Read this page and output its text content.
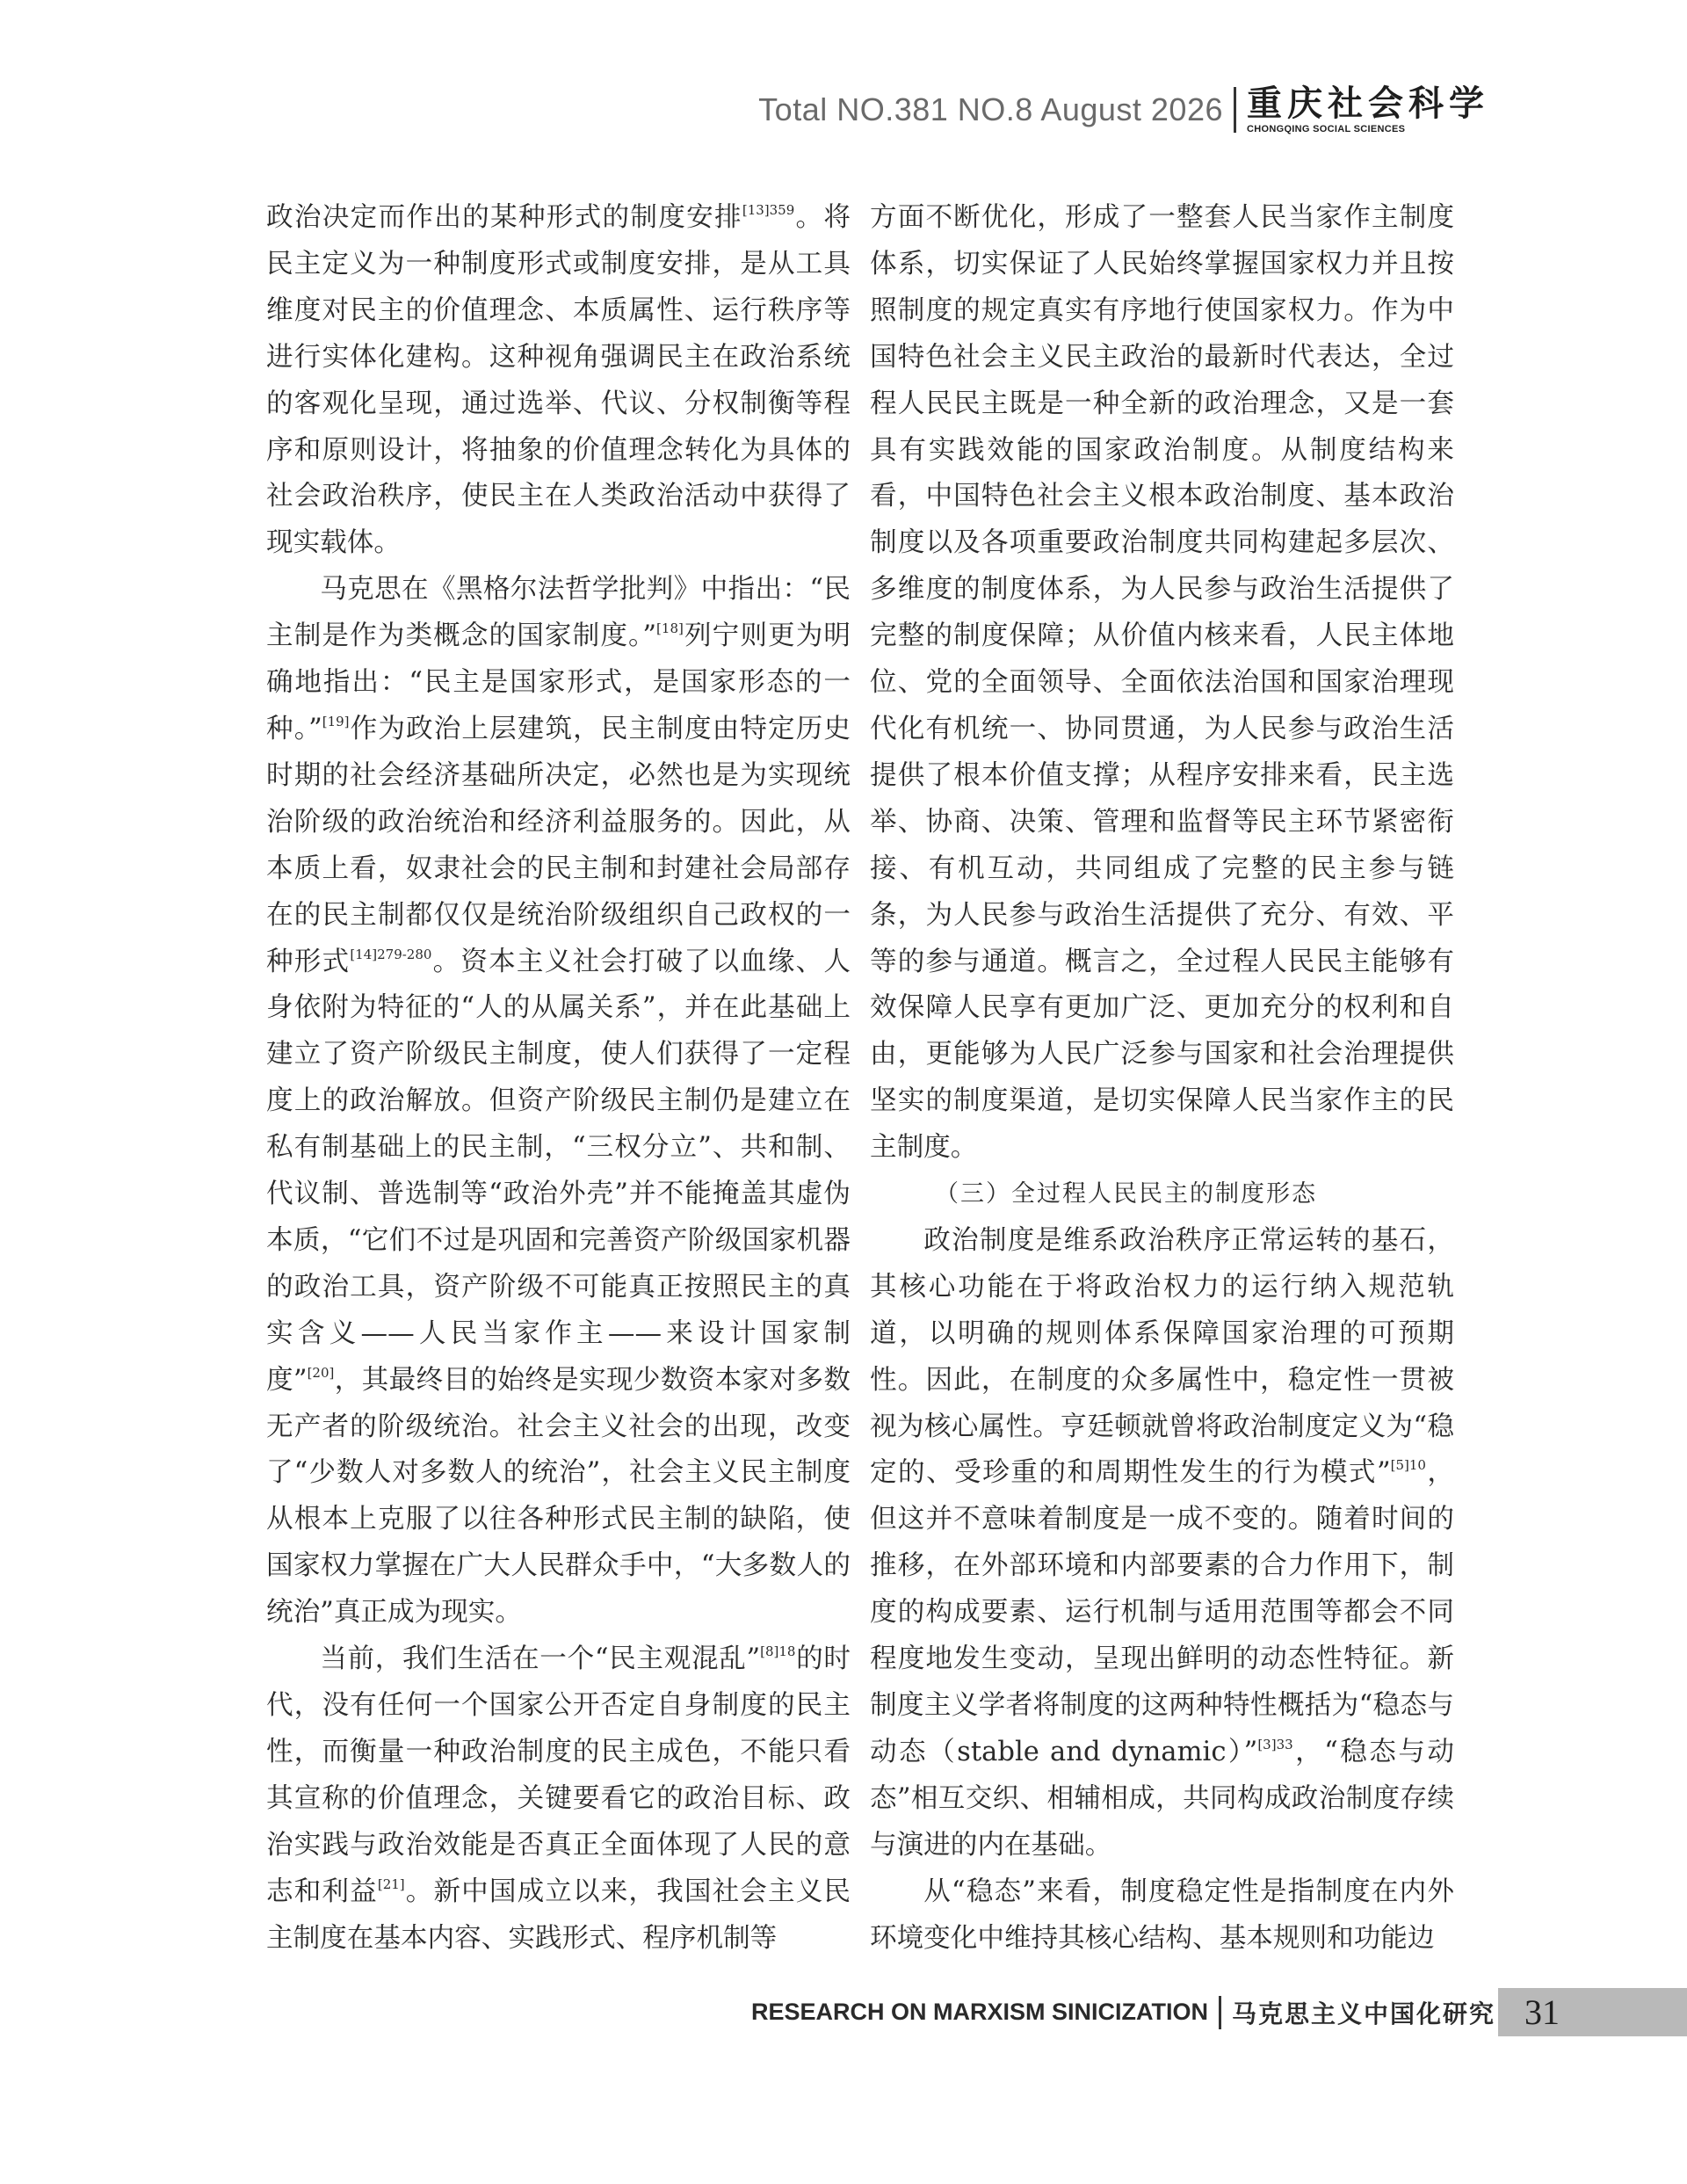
Total NO.381 NO.8 August 2026 重庆社会科学
CHONGQING SOCIAL SCIENCES

政治决定而作出的某种形式的制度安排$^{[13]359}$。将民主定义为一种制度形式或制度安排，是从工具维度对民主的价值理念、本质属性、运行秩序等进行实体化建构。这种视角强调民主在政治系统的客观化呈现，通过选举、代议、分权制衡等程序和原则设计，将抽象的价值理念转化为具体的社会政治秩序，使民主在人类政治活动中获得了现实载体。

马克思在《黑格尔法哲学批判》中指出：“民主制是作为类概念的国家制度。”[18]列宁则更为明确地指出：“民主是国家形式，是国家形态的一种。”[19]作为政治上层建筑，民主制度由特定历史时期的社会经济基础所决定，必然也是为实现统治阶级的政治统治和经济利益服务的。因此，从本质上看，奴隶社会的民主制和封建社会局部存在的民主制都仅仅是统治阶级组织自己政权的一种形式$^{[14]279-280}$。资本主义社会打破了以血缘、人身依附为特征的“人的从属关系”，并在此基础上建立了资产阶级民主制度，使人们获得了一定程度上的政治解放。但资产阶级民主制仍是建立在私有制基础上的民主制，“三权分立”、共和制、代议制、普选制等“政治外壳”并不能掩盖其虚伪本质，“它们不过是巩固和完善资产阶级国家机器的政治工具，资产阶级不可能真正按照民主的真实含义——人民当家作主——来设计国家制度”[20]，其最终目的始终是实现少数资本家对多数无产者的阶级统治。社会主义社会的出现，改变了“少数人对多数人的统治”，社会主义民主制度从根本上克服了以往各种形式民主制的缺陷，使国家权力掌握在广大人民群众手中，“大多数人的统治”真正成为现实。

当前，我们生活在一个“民主观混乱”$^{[8]18}$的时代，没有任何一个国家公开否定自身制度的民主性，而衡量一种政治制度的民主成色，不能只看其宣称的价值理念，关键要看它的政治目标、政治实践与政治效能是否真正全面体现了人民的意志和利益[21]。新中国成立以来，我国社会主义民主制度在基本内容、实践形式、程序机制等

方面不断优化，形成了一整套人民当家作主制度体系，切实保证了人民始终掌握国家权力并且按照制度的规定真实有序地行使国家权力。作为中国特色社会主义民主政治的最新时代表达，全过程人民民主既是一种全新的政治理念，又是一套具有实践效能的国家政治制度。从制度结构来看，中国特色社会主义根本政治制度、基本政治制度以及各项重要政治制度共同构建起多层次、多维度的制度体系，为人民参与政治生活提供了完整的制度保障；从价值内核来看，人民主体地位、党的全面领导、全面依法治国和国家治理现代化有机统一、协同贯通，为人民参与政治生活提供了根本价值支撑；从程序安排来看，民主选举、协商、决策、管理和监督等民主环节紧密衔接、有机互动，共同组成了完整的民主参与链条，为人民参与政治生活提供了充分、有效、平等的参与通道。概言之，全过程人民民主能够有效保障人民享有更加广泛、更加充分的权利和自由，更能够为人民广泛参与国家和社会治理提供坚实的制度渠道，是切实保障人民当家作主的民主制度。

（三）全过程人民民主的制度形态

政治制度是维系政治秩序正常运转的基石，其核心功能在于将政治权力的运行纳入规范轨道，以明确的规则体系保障国家治理的可预期性。因此，在制度的众多属性中，稳定性一贯被视为核心属性。亨廷顿就曾将政治制度定义为“稳定的、受珍重的和周期性发生的行为模式”$^{[5]10}$，但这并不意味着制度是一成不变的。随着时间的推移，在外部环境和内部要素的合力作用下，制度的构成要素、运行机制与适用范围等都会不同程度地发生变动，呈现出鲜明的动态性特征。新制度主义学者将制度的这两种特性概括为“稳态与动态（stable and dynamic）”$^{[3]33}$，“稳态与动态”相互交织、相辅相成，共同构成政治制度存续与演进的内在基础。

从“稳态”来看，制度稳定性是指制度在内外环境变化中维持其核心结构、基本规则和功能边

RESEARCH ON MARXISM SINICIZATION 马克思主义中国化研究 31
